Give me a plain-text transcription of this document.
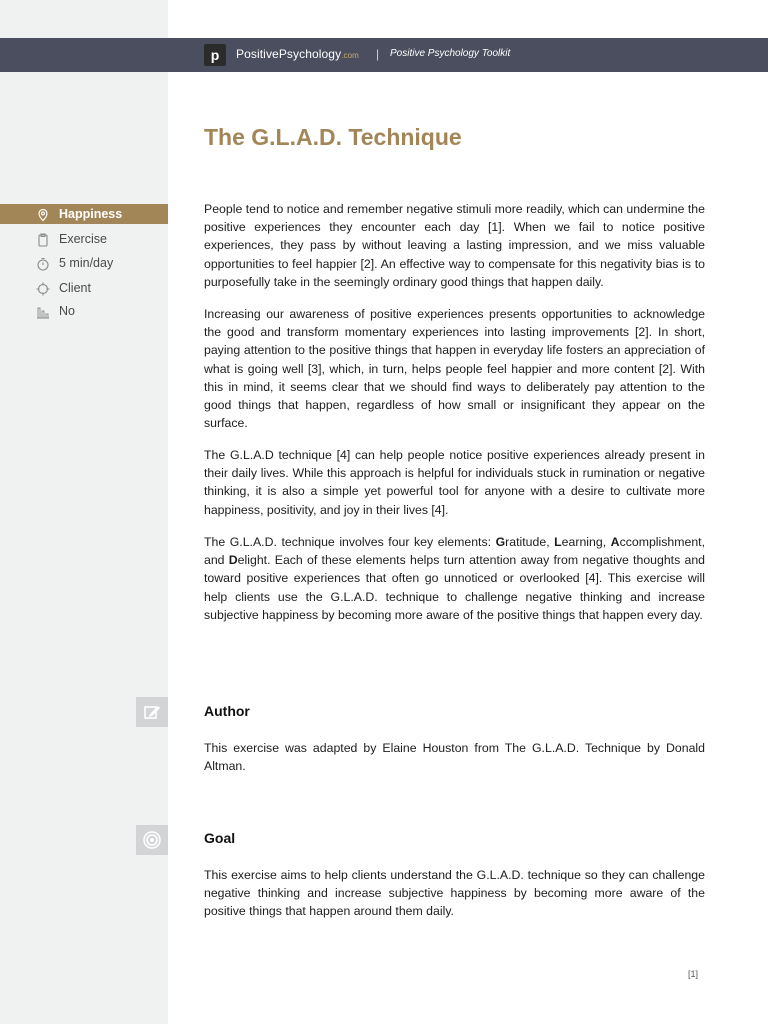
p	PositivePsychology.com | Positive Psychology Toolkit
The G.L.A.D. Technique
Happiness
Exercise
5 min/day
Client
No

People tend to notice and remember negative stimuli more readily, which can undermine the positive experiences they encounter each day [1]. When we fail to notice positive experiences, they pass by without leaving a lasting impression, and we miss valuable opportunities to feel happier [2]. An effective way to compensate for this negativity bias is to purposefully take in the seemingly ordinary good things that happen daily.

Increasing our awareness of positive experiences presents opportunities to acknowledge the good and transform momentary experiences into lasting improvements [2]. In short, paying attention to the positive things that happen in everyday life fosters an appreciation of what is going well [3], which, in turn, helps people feel happier and more content [2]. With this in mind, it seems clear that we should find ways to deliberately pay attention to the good things that happen, regardless of how small or insignificant they appear on the surface.

The G.L.A.D technique [4] can help people notice positive experiences already present in their daily lives. While this approach is helpful for individuals stuck in rumination or negative thinking, it is also a simple yet powerful tool for anyone with a desire to cultivate more happiness, positivity, and joy in their lives [4].

The G.L.A.D. technique involves four key elements: Gratitude, Learning, Accomplishment, and Delight. Each of these elements helps turn attention away from negative thoughts and toward positive experiences that often go unnoticed or overlooked [4]. This exercise will help clients use the G.L.A.D. technique to challenge negative thinking and increase subjective happiness by becoming more aware of the positive things that happen every day.

Author

This exercise was adapted by Elaine Houston from The G.L.A.D. Technique by Donald Altman.

Goal

This exercise aims to help clients understand the G.L.A.D. technique so they can challenge negative thinking and increase subjective happiness by becoming more aware of the positive things that happen around them daily.

[1]
